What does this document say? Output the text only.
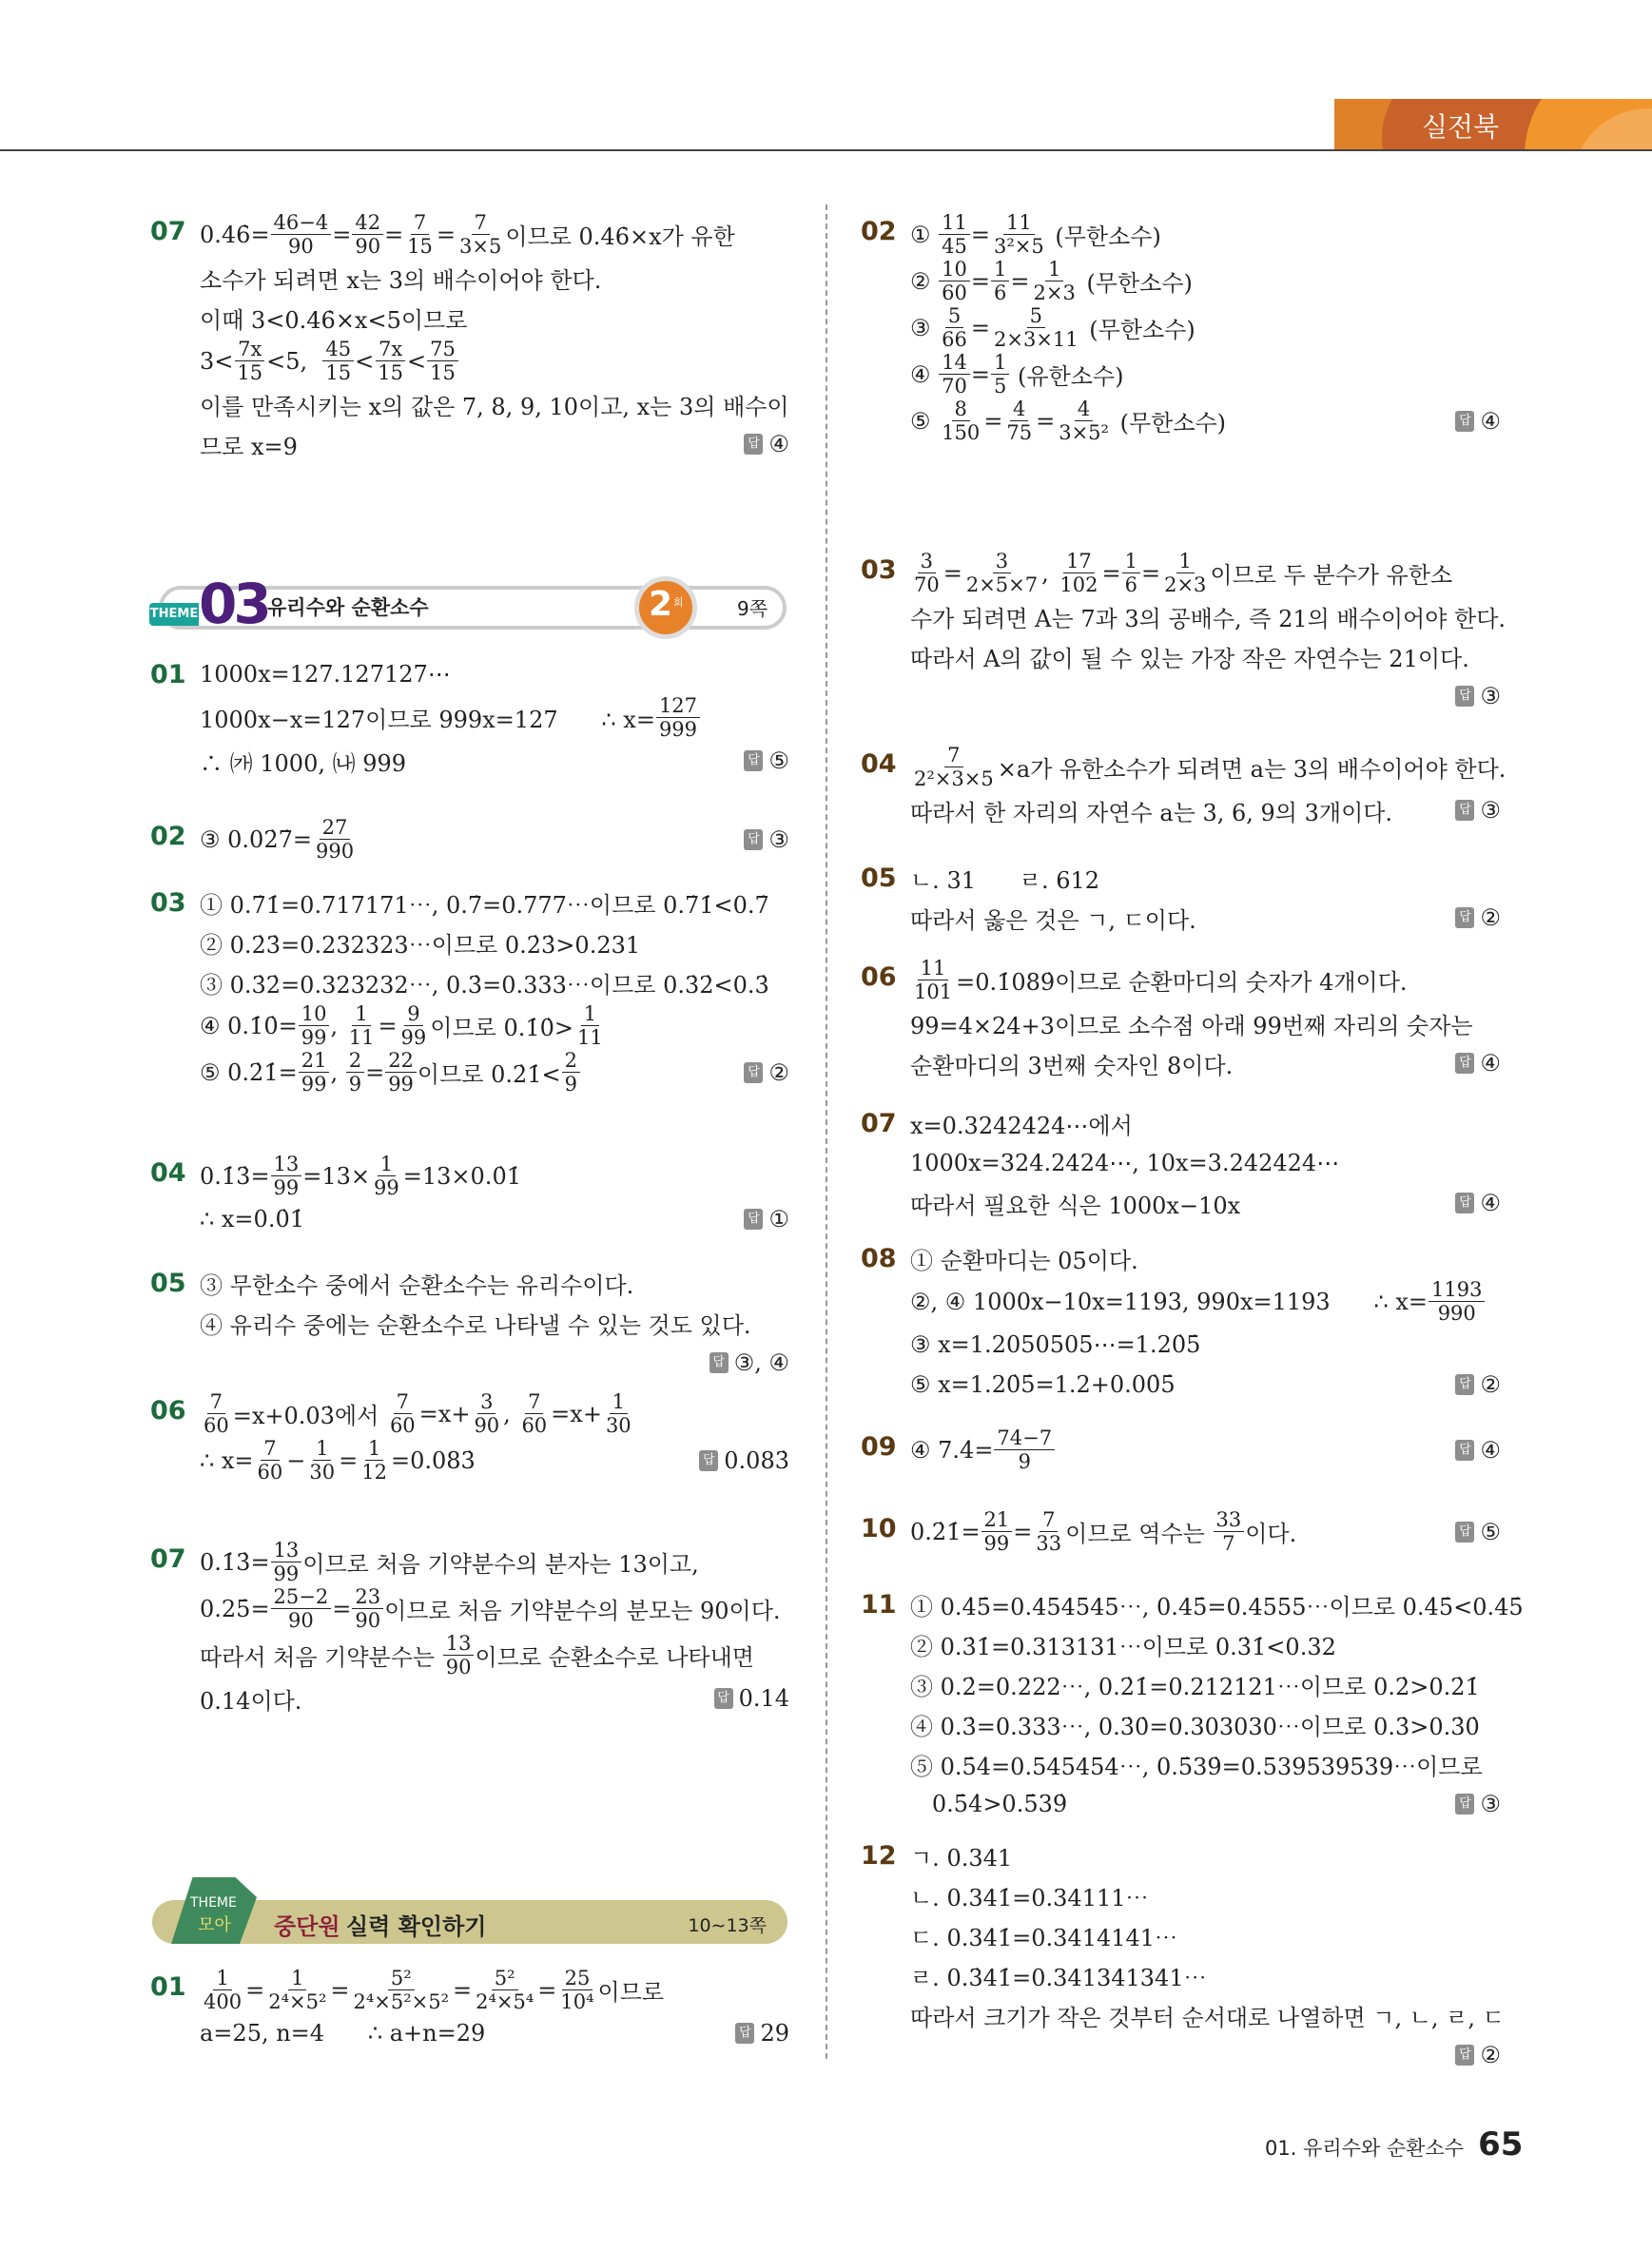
실전북
07 0.46̇= $\frac{46-4}{90} = \frac{42}{90} = \frac{7}{15} = \frac{7}{3\times 5}$ 이므로 0.46̇×x가 유한
소수가 되려면 x는 3의 배수이어야 한다.
이때 3<0.46̇×x<5이므로
$3< \frac{7x}{15} <5$, $\frac{45}{15} < \frac{7x}{15} < \frac{75}{15}$
이를 만족시키는 x의 값은 7, 8, 9, 10이고, x는 3의 배수이
므로 x=9	답 ④
01 1000x=127.127127⋯
1000x−x=127이므로 999x=127      ∴ $x= \frac{127}{999}$
∴ ㈎ 1000, ㈏ 999	답 ⑤
02 ③ 0.02̇7̇= $\frac{27}{990}$	답 ③
03 ① 0.7̇1̇=0.717171⋯, 0.7̇=0.777⋯이므로 0.7̇1̇<0.7̇
② 0.2̇3̇=0.232323⋯이므로 0.2̇3̇>0.231
③ 0.3̇2̇=0.323232⋯, 0.3̇=0.333⋯이므로 0.3̇2̇<0.3̇
④ 0.1̇0̇= $\frac{10}{99}$ , $\frac{1}{11} = \frac{9}{99}$ 이므로 0.1̇0̇> $\frac{1}{11}$
⑤ 0.2̇1̇= $\frac{21}{99}$ , $\frac{2}{9} = \frac{22}{99}$ 이므로 0.2̇1̇< $\frac{2}{9}$	답 ②
04 0.1̇3̇= $\frac{13}{99} =13\times \frac{1}{99}$ =13×0.0̇1̇
∴ x=0.0̇1̇	답 ①
05 ③ 무한소수 중에서 순환소수는 유리수이다.
④ 유리수 중에는 순환소수로 나타낼 수 있는 것도 있다.
답 ③, ④
$06 \frac{7}{60}$ =x+0.03̇에서 $\frac{7}{60} =x+ \frac{3}{90}$ , $\frac{7}{60} =x+ \frac{1}{30}$
∴ $x= \frac{7}{60} - \frac{1}{30} = \frac{1}{12}$ =0.083̇	답 0.083̇
07 0.1̇3̇= $\frac{13}{99}$ 이므로 처음 기약분수의 분자는 13이고,
0.25̇= $\frac{25-2}{90} = \frac{23}{90}$ 이므로 처음 기약분수의 분모는 90이다.
따라서 처음 기약분수는 $\frac{13}{90}$ 이므로 순환소수로 나타내면
0.14̇이다.	답 0.14̇
$01 \frac{1}{400} = \frac{1}{\text{2⁴×5²}} = \frac{\text{5²}}{\text{2⁴×5²×5²}} = \frac{\text{5²}}{\text{2⁴×5⁴}} = \frac{25}{\text{10⁴}}$ 이므로
a=25, n=4      ∴ a+n=29	답 29
02 ① $\frac{11}{45} = \frac{11}{\text{3²×5}}$ (무한소수)
② $\frac{10}{60} = \frac{1}{6} = \frac{1}{2\times 3}$ (무한소수)
③ $\frac{5}{66} = \frac{5}{2\times 3\times 11}$ (무한소수)
④ $\frac{14}{70} = \frac{1}{5}$ (유한소수)
⑤ $\frac{8}{150} = \frac{4}{75} = \frac{4}{\text{3×5²}}$ (무한소수)	답 ④
$03 \frac{3}{70} = \frac{3}{2\times 5\times 7}$ , $\frac{17}{102} = \frac{1}{6} = \frac{1}{2\times 3}$ 이므로 두 분수가 유한소
수가 되려면 A는 7과 3의 공배수, 즉 21의 배수이어야 한다.
따라서 A의 값이 될 수 있는 가장 작은 자연수는 21이다.
답 ③
$04 \frac{7}{\text{2²×3×5}} \times a$가 유한소수가 되려면 a는 3의 배수이어야 한다.
따라서 한 자리의 자연수 a는 3, 6, 9의 3개이다.	답 ③
05 ㄴ. 31      ㄹ. 612
따라서 옳은 것은 ㄱ, ㄷ이다.	답 ②
$06 \frac{11}{101}$ =0.1̇089̇이므로 순환마디의 숫자가 4개이다.
99=4×24+3이므로 소수점 아래 99번째 자리의 숫자는
순환마디의 3번째 숫자인 8이다.	답 ④
07 x=0.3242424⋯에서
1000x=324.2424⋯, 10x=3.242424⋯
따라서 필요한 식은 1000x−10x	답 ④
08 ① 순환마디는 05이다.
②, ④ 1000x−10x=1193, 990x=1193      ∴ $x= \frac{1193}{990}$
③ x=1.2050505⋯=1.20̇5̇
⑤ x=1.20̇5̇=1.2+0.00̇5̇	답 ②
09 ④ 7.4̇= $\frac{74-7}{9}$	답 ④
10 0.2̇1̇= $\frac{21}{99} = \frac{7}{33}$ 이므로 역수는 $\frac{33}{7}$ 이다.	답 ⑤
11 ① 0.4̇5̇=0.454545⋯, 0.45̇=0.4555⋯이므로 0.4̇5̇<0.45̇
② 0.3̇1̇=0.313131⋯이므로 0.3̇1̇<0.32
③ 0.2̇=0.222⋯, 0.2̇1̇=0.212121⋯이므로 0.2̇>0.2̇1̇
④ 0.3̇=0.333⋯, 0.3̇0̇=0.303030⋯이므로 0.3̇>0.3̇0̇
⑤ 0.5̇4̇=0.545454⋯, 0.5̇39̇=0.539539539⋯이므로
0.5̇4̇>0.5̇39̇	답 ③
12 ㄱ. 0.341
ㄴ. 0.341̇=0.34111⋯
ㄷ. 0.34̇1̇=0.3414141⋯
ㄹ. 0.3̇41̇=0.341341341⋯
따라서 크기가 작은 것부터 순서대로 나열하면 ㄱ, ㄴ, ㄹ, ㄷ
답 ②
THEME 03 유리수와 순환소수	2 회	9쪽
THEME
모아 중단원 실력 확인하기	10∼13쪽
01. 유리수와 순환소수 65
